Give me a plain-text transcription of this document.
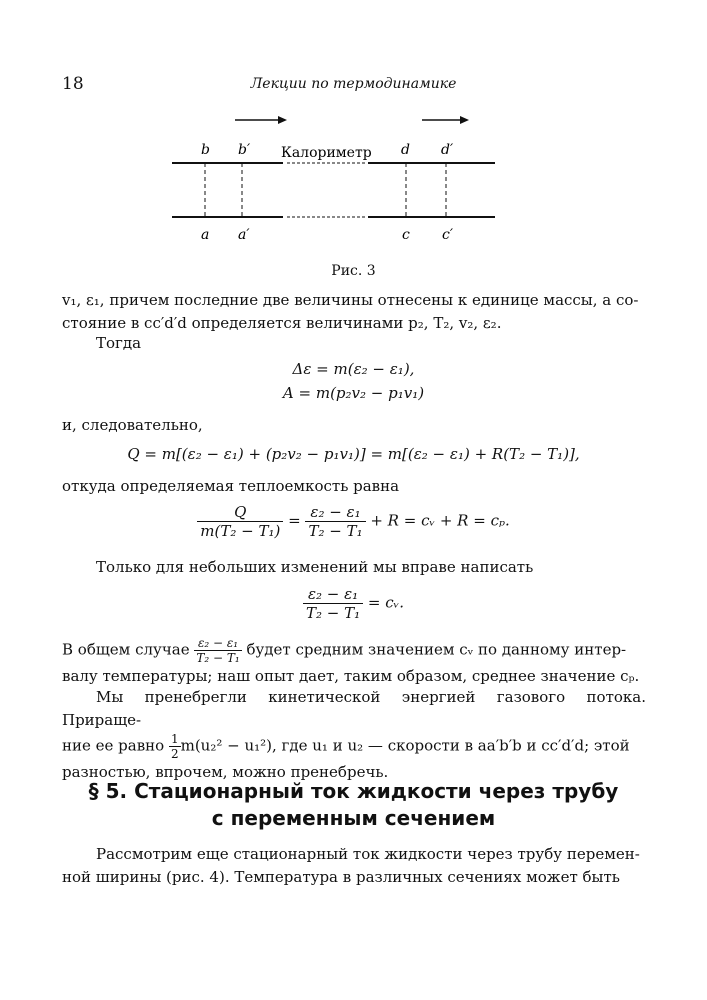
18	Лекции по термодинамике
b b′ Калориметр d d′
a a′	c c′
Рис. 3
v₁, ε₁, причем последние две величины отнесены к единице массы, а со-
стояние в cc′d′d определяется величинами p₂, T₂, v₂, ε₂.
Тогда
Δε = m(ε₂ − ε₁),
A = m(p₂v₂ − p₁v₁)
и, следовательно,
Q = m[(ε₂ − ε₁) + (p₂v₂ − p₁v₁)] = m[(ε₂ − ε₁) + R(T₂ − T₁)],
откуда определяемая теплоемкость равна
$\frac{Q}{\text{m(T₂ − T₁)}} = \frac{\text{ε₂ − ε₁}}{\text{T₂ − T₁}} + R$ = cᵥ + R = cₚ.
Только для небольших изменений мы вправе написать
$\frac{\text{ε₂ − ε₁}}{\text{T₂ − T₁}}$ = cᵥ.
В общем случае $\frac{\text{ε₂ − ε₁}}{\text{T₂ − T₁}}$ будет средним значением cᵥ по данному интер-
валу температуры; наш опыт дает, таким образом, среднее значение cₚ.
Мы пренебрегли кинетической энергией газового потока. Прираще-
ние ее равно $\frac{1}{2} m(u_2^2 - u_1^2)$, где u₁ и u₂ — скорости в aa′b′b и cc′d′d; этой
разностью, впрочем, можно пренебречь.
§ 5. Стационарный ток жидкости через трубу
с переменным сечением
Рассмотрим еще стационарный ток жидкости через трубу перемен-
ной ширины (рис. 4). Температура в различных сечениях может быть
